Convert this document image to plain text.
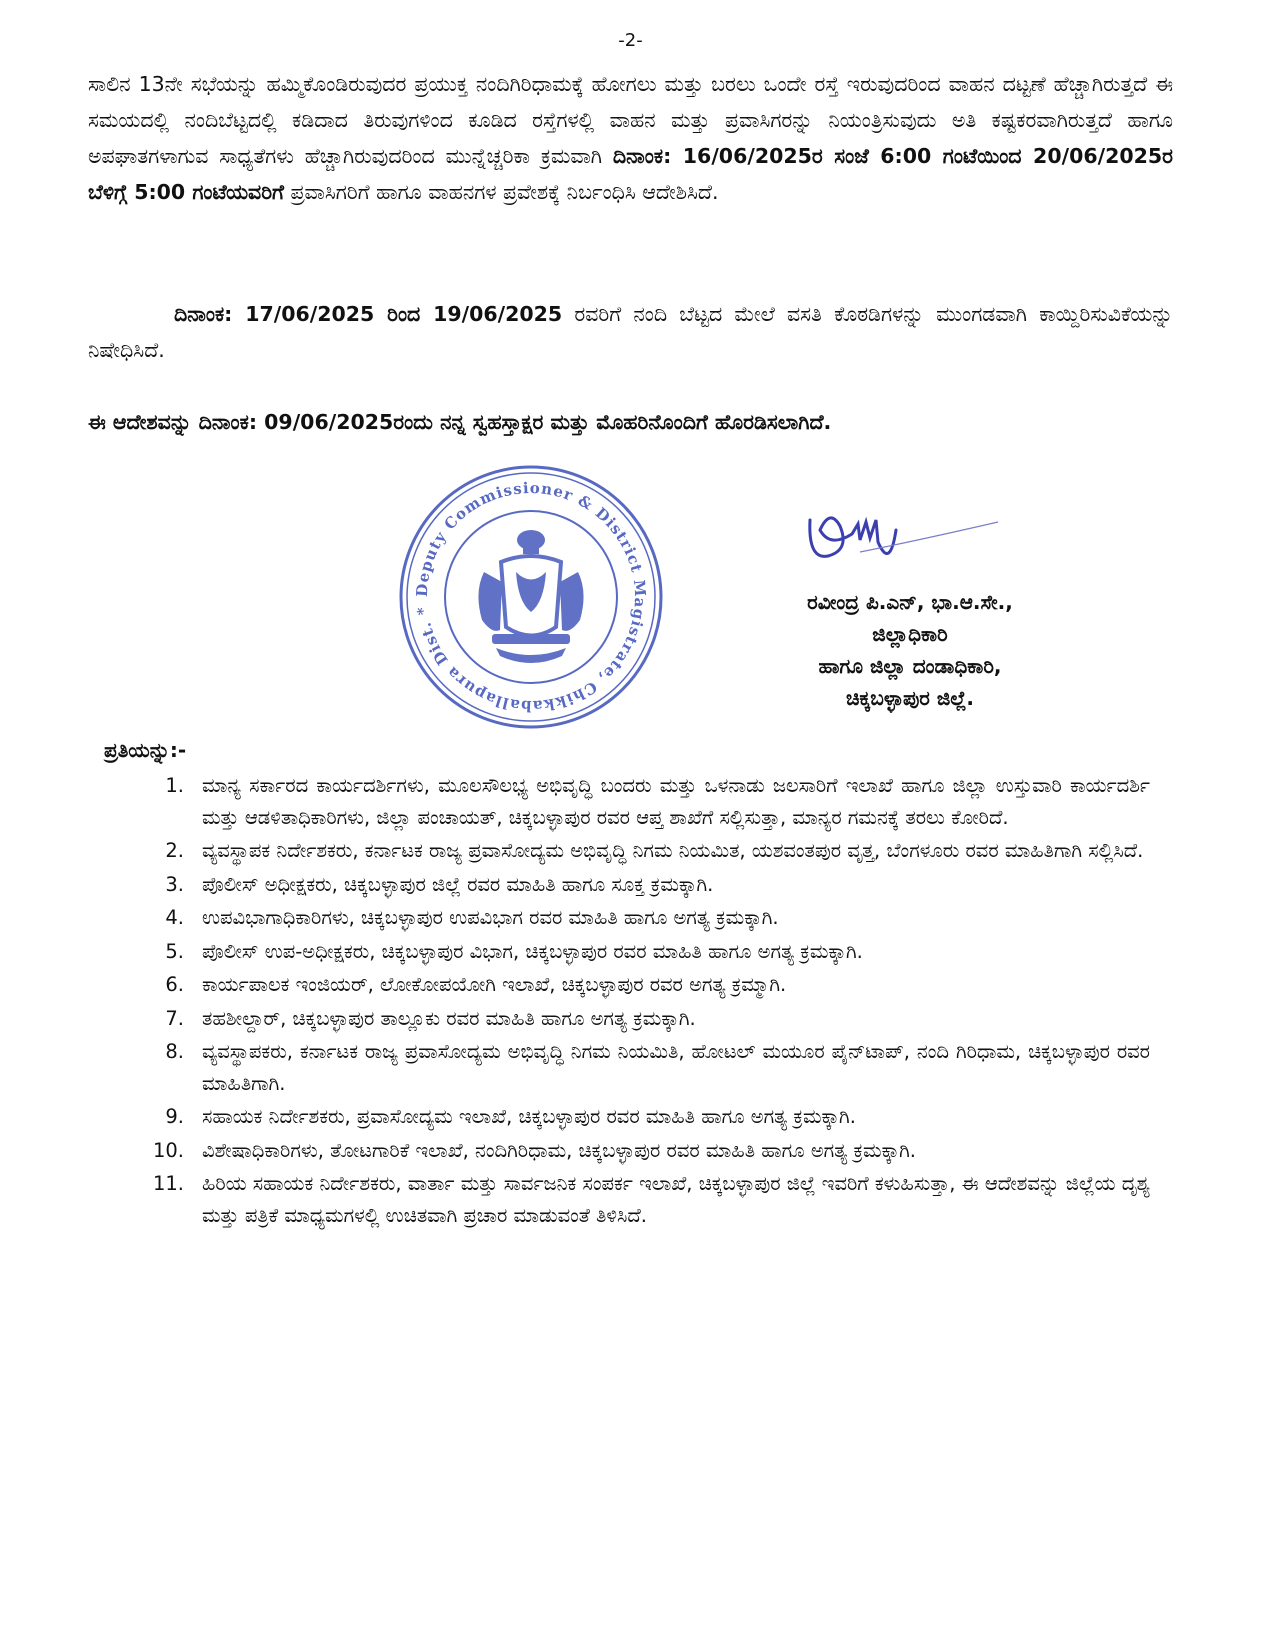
-2-
ಸಾಲಿನ 13ನೇ ಸಭೆಯನ್ನು ಹಮ್ಮಿಕೊಂಡಿರುವುದರ ಪ್ರಯುಕ್ತ ನಂದಿಗಿರಿಧಾಮಕ್ಕೆ ಹೋಗಲು ಮತ್ತು ಬರಲು ಒಂದೇ ರಸ್ತೆ ಇರುವುದರಿಂದ ವಾಹನ ದಟ್ಟಣೆ ಹೆಚ್ಚಾಗಿರುತ್ತದೆ ಈ ಸಮಯದಲ್ಲಿ ನಂದಿಬೆಟ್ಟದಲ್ಲಿ ಕಡಿದಾದ ತಿರುವುಗಳಿಂದ ಕೂಡಿದ ರಸ್ತೆಗಳಲ್ಲಿ ವಾಹನ ಮತ್ತು ಪ್ರವಾಸಿಗರನ್ನು ನಿಯಂತ್ರಿಸುವುದು ಅತಿ ಕಷ್ಟಕರವಾಗಿರುತ್ತದೆ ಹಾಗೂ ಅಪಘಾತಗಳಾಗುವ ಸಾಧ್ಯತೆಗಳು ಹೆಚ್ಚಾಗಿರುವುದರಿಂದ ಮುನ್ನೆಚ್ಚರಿಕಾ ಕ್ರಮವಾಗಿ ದಿನಾಂಕ: 16/06/2025ರ ಸಂಜೆ 6:00 ಗಂಟೆಯಿಂದ 20/06/2025ರ ಬೆಳಿಗ್ಗೆ 5:00 ಗಂಟೆಯವರಿಗೆ ಪ್ರವಾಸಿಗರಿಗೆ ಹಾಗೂ ವಾಹನಗಳ ಪ್ರವೇಶಕ್ಕೆ ನಿರ್ಬಂಧಿಸಿ ಆದೇಶಿಸಿದೆ.
ದಿನಾಂಕ: 17/06/2025 ರಿಂದ 19/06/2025 ರವರಿಗೆ ನಂದಿ ಬೆಟ್ಟದ ಮೇಲೆ ವಸತಿ ಕೊಠಡಿಗಳನ್ನು ಮುಂಗಡವಾಗಿ ಕಾಯ್ದಿರಿಸುವಿಕೆಯನ್ನು ನಿಷೇಧಿಸಿದೆ.
ಈ ಆದೇಶವನ್ನು ದಿನಾಂಕ: 09/06/2025ರಂದು ನನ್ನ ಸ್ವಹಸ್ತಾಕ್ಷರ ಮತ್ತು ಮೊಹರಿನೊಂದಿಗೆ ಹೊರಡಿಸಲಾಗಿದೆ.
Deputy Commissioner & District Magistrate, Chikkaballapura Dist. *	ರವೀಂದ್ರ ಪಿ.ಎನ್, ಭಾ.ಆ.ಸೇ.,
ಜಿಲ್ಲಾಧಿಕಾರಿ
ಹಾಗೂ ಜಿಲ್ಲಾ ದಂಡಾಧಿಕಾರಿ,
ಚಿಕ್ಕಬಳ್ಳಾಪುರ ಜಿಲ್ಲೆ.
ಪ್ರತಿಯನ್ನು:-
1. ಮಾನ್ಯ ಸರ್ಕಾರದ ಕಾರ್ಯದರ್ಶಿಗಳು, ಮೂಲಸೌಲಭ್ಯ ಅಭಿವೃದ್ಧಿ ಬಂದರು ಮತ್ತು ಒಳನಾಡು ಜಲಸಾರಿಗೆ ಇಲಾಖೆ ಹಾಗೂ ಜಿಲ್ಲಾ ಉಸ್ತುವಾರಿ ಕಾರ್ಯದರ್ಶಿ ಮತ್ತು ಆಡಳಿತಾಧಿಕಾರಿಗಳು, ಜಿಲ್ಲಾ ಪಂಚಾಯತ್, ಚಿಕ್ಕಬಳ್ಳಾಪುರ ರವರ ಆಪ್ತ ಶಾಖೆಗೆ ಸಲ್ಲಿಸುತ್ತಾ, ಮಾನ್ಯರ ಗಮನಕ್ಕೆ ತರಲು ಕೋರಿದೆ.
2. ವ್ಯವಸ್ಥಾಪಕ ನಿರ್ದೇಶಕರು, ಕರ್ನಾಟಕ ರಾಜ್ಯ ಪ್ರವಾಸೋದ್ಯಮ ಅಭಿವೃದ್ಧಿ ನಿಗಮ ನಿಯಮಿತ, ಯಶವಂತಪುರ ವೃತ್ತ, ಬೆಂಗಳೂರು ರವರ ಮಾಹಿತಿಗಾಗಿ ಸಲ್ಲಿಸಿದೆ.
3. ಪೊಲೀಸ್ ಅಧೀಕ್ಷಕರು, ಚಿಕ್ಕಬಳ್ಳಾಪುರ ಜಿಲ್ಲೆ ರವರ ಮಾಹಿತಿ ಹಾಗೂ ಸೂಕ್ತ ಕ್ರಮಕ್ಕಾಗಿ.
4. ಉಪವಿಭಾಗಾಧಿಕಾರಿಗಳು, ಚಿಕ್ಕಬಳ್ಳಾಪುರ ಉಪವಿಭಾಗ ರವರ ಮಾಹಿತಿ ಹಾಗೂ ಅಗತ್ಯ ಕ್ರಮಕ್ಕಾಗಿ.
5. ಪೊಲೀಸ್ ಉಪ-ಅಧೀಕ್ಷಕರು, ಚಿಕ್ಕಬಳ್ಳಾಪುರ ವಿಭಾಗ, ಚಿಕ್ಕಬಳ್ಳಾಪುರ ರವರ ಮಾಹಿತಿ ಹಾಗೂ ಅಗತ್ಯ ಕ್ರಮಕ್ಕಾಗಿ.
6. ಕಾರ್ಯಪಾಲಕ ಇಂಜಿಯರ್, ಲೋಕೋಪಯೋಗಿ ಇಲಾಖೆ, ಚಿಕ್ಕಬಳ್ಳಾಪುರ ರವರ ಅಗತ್ಯ ಕ್ರಮ್ಮಾಗಿ.
7. ತಹಶೀಲ್ದಾರ್, ಚಿಕ್ಕಬಳ್ಳಾಪುರ ತಾಲ್ಲೂಕು ರವರ ಮಾಹಿತಿ ಹಾಗೂ ಅಗತ್ಯ ಕ್ರಮಕ್ಕಾಗಿ.
8. ವ್ಯವಸ್ಥಾಪಕರು, ಕರ್ನಾಟಕ ರಾಜ್ಯ ಪ್ರವಾಸೋದ್ಯಮ ಅಭಿವೃದ್ಧಿ ನಿಗಮ ನಿಯಮಿತಿ, ಹೋಟಲ್ ಮಯೂರ ಪೈನ್‌ಟಾಪ್, ನಂದಿ ಗಿರಿಧಾಮ, ಚಿಕ್ಕಬಳ್ಳಾಪುರ ರವರ ಮಾಹಿತಿಗಾಗಿ.
9. ಸಹಾಯಕ ನಿರ್ದೇಶಕರು, ಪ್ರವಾಸೋದ್ಯಮ ಇಲಾಖೆ, ಚಿಕ್ಕಬಳ್ಳಾಪುರ ರವರ ಮಾಹಿತಿ ಹಾಗೂ ಅಗತ್ಯ ಕ್ರಮಕ್ಕಾಗಿ.
10. ವಿಶೇಷಾಧಿಕಾರಿಗಳು, ತೋಟಗಾರಿಕೆ ಇಲಾಖೆ, ನಂದಿಗಿರಿಧಾಮ, ಚಿಕ್ಕಬಳ್ಳಾಪುರ ರವರ ಮಾಹಿತಿ ಹಾಗೂ ಅಗತ್ಯ ಕ್ರಮಕ್ಕಾಗಿ.
11. ಹಿರಿಯ ಸಹಾಯಕ ನಿರ್ದೇಶಕರು, ವಾರ್ತಾ ಮತ್ತು ಸಾರ್ವಜನಿಕ ಸಂಪರ್ಕ ಇಲಾಖೆ, ಚಿಕ್ಕಬಳ್ಳಾಪುರ ಜಿಲ್ಲೆ ಇವರಿಗೆ ಕಳುಹಿಸುತ್ತಾ, ಈ ಆದೇಶವನ್ನು ಜಿಲ್ಲೆಯ ದೃಶ್ಯ ಮತ್ತು ಪತ್ರಿಕೆ ಮಾಧ್ಯಮಗಳಲ್ಲಿ ಉಚಿತವಾಗಿ ಪ್ರಚಾರ ಮಾಡುವಂತೆ ತಿಳಿಸಿದೆ.
